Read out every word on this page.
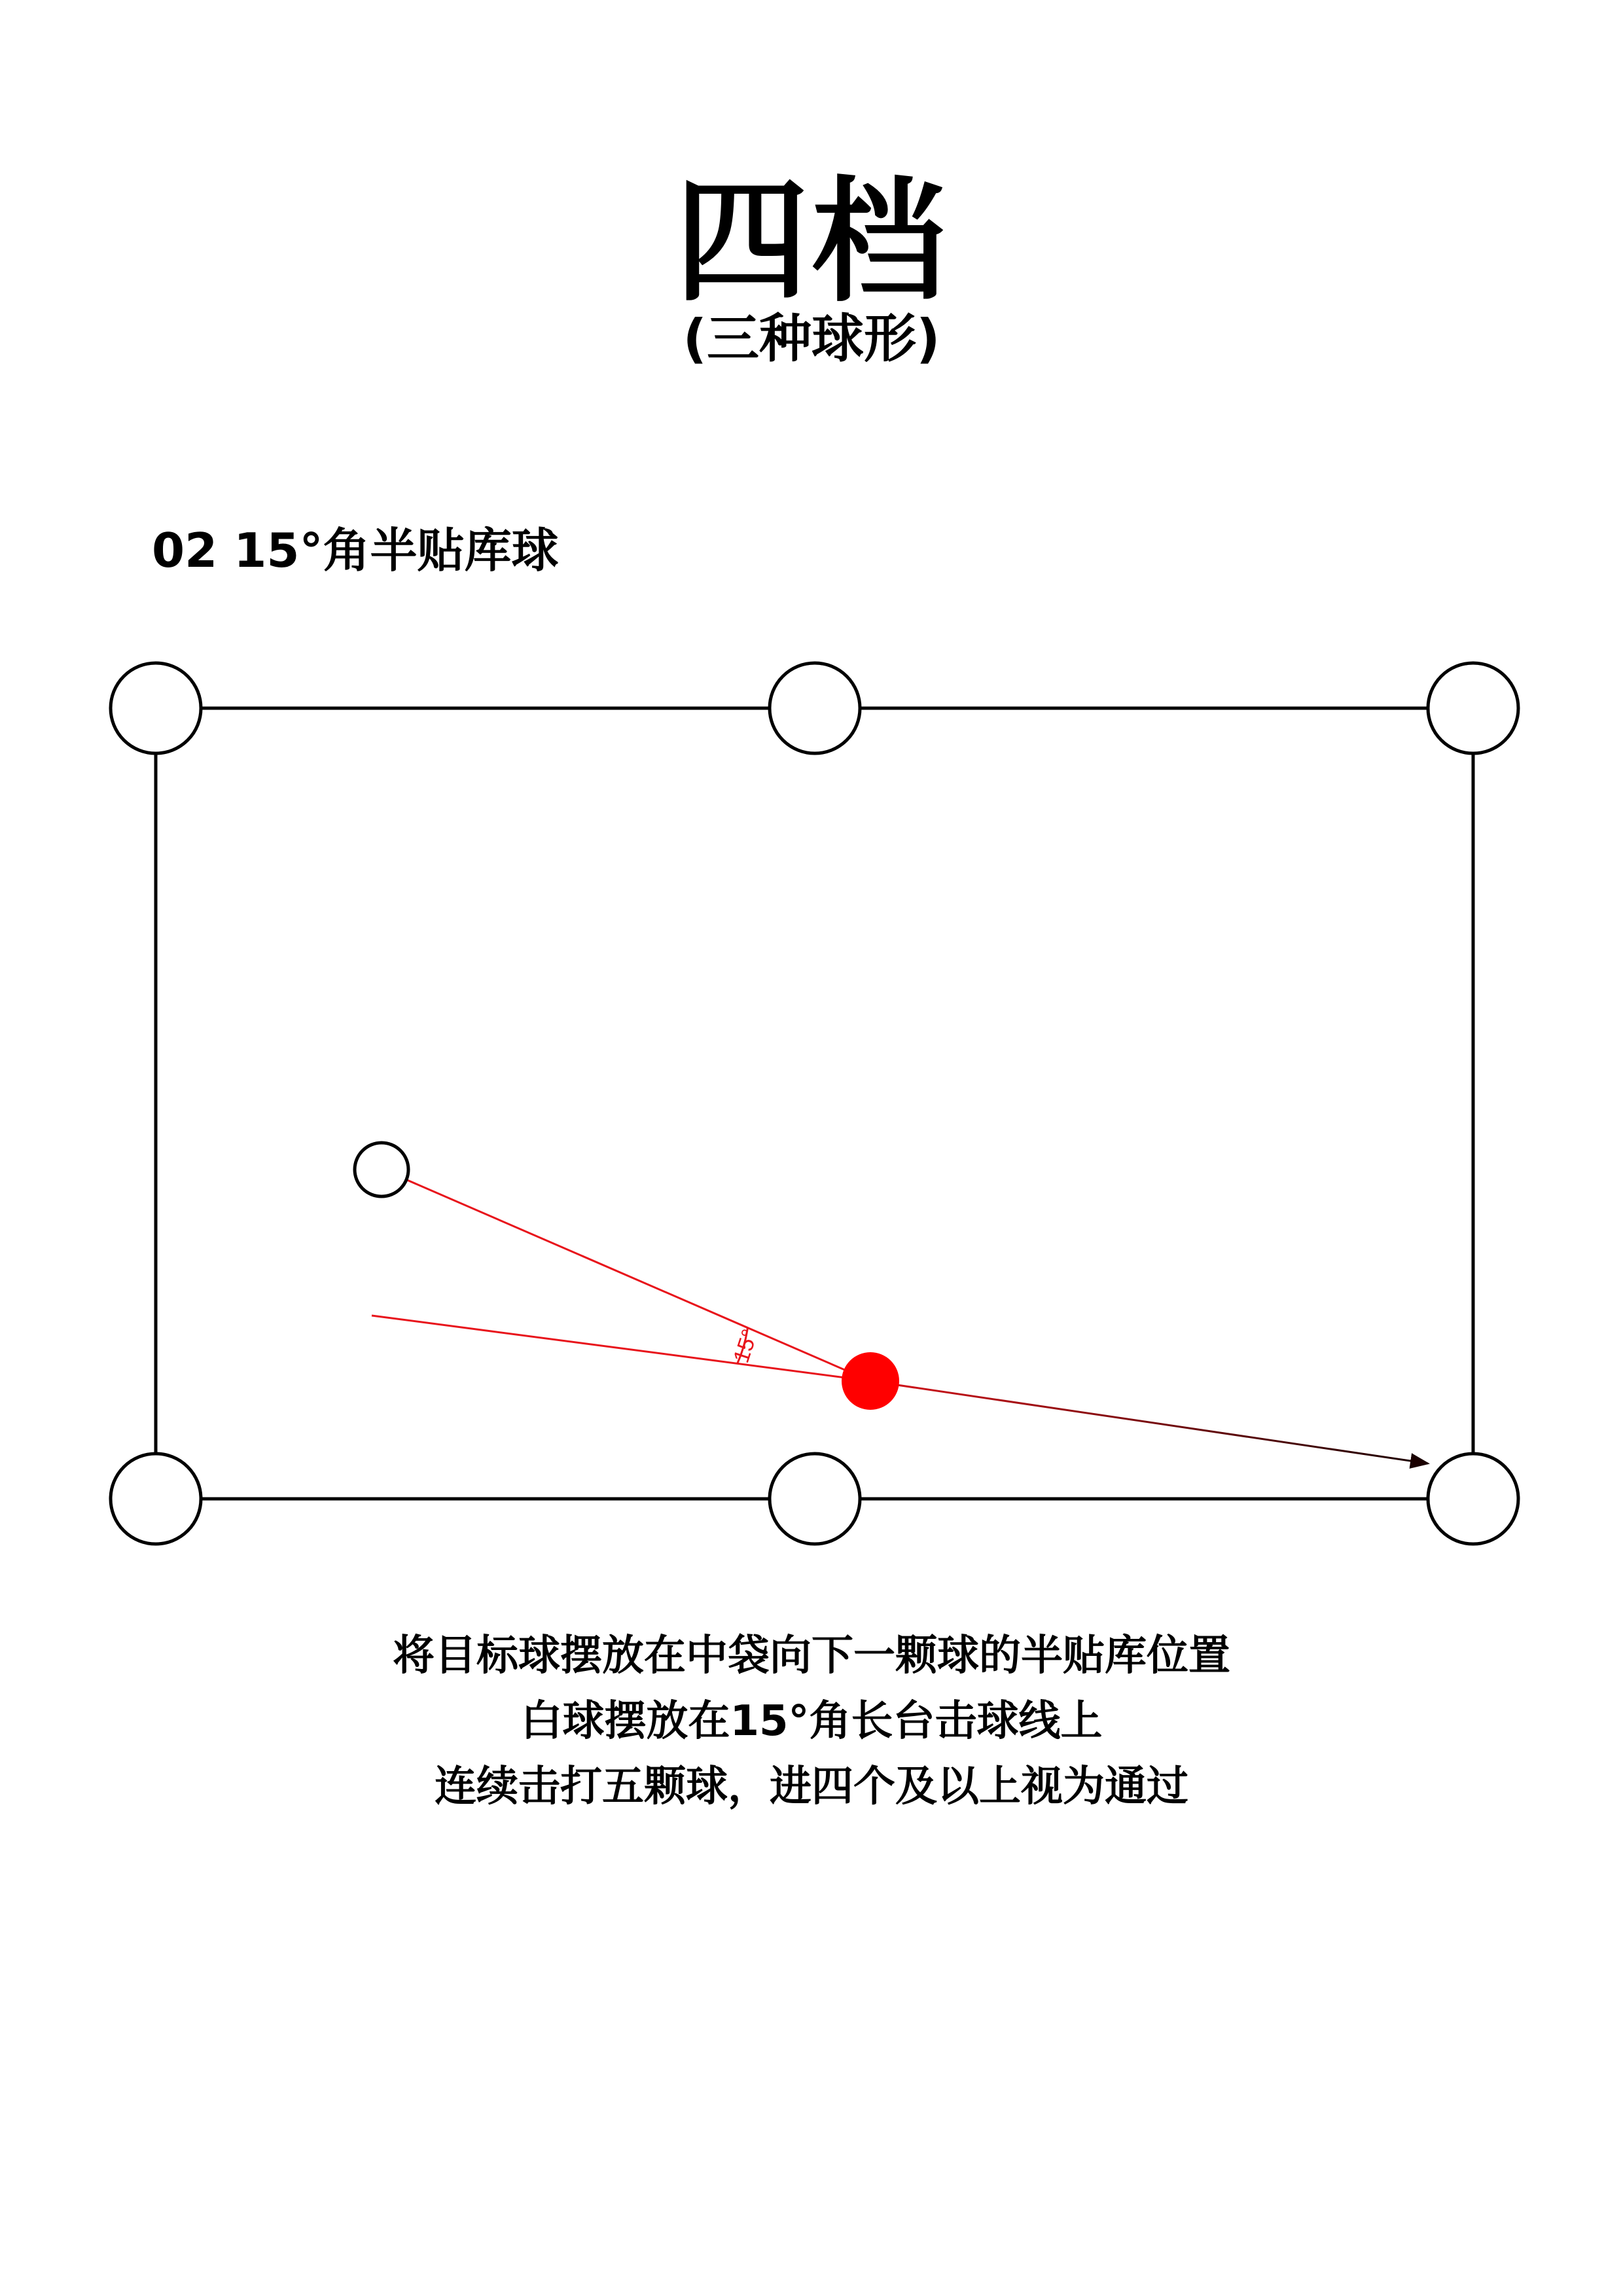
四档
(三种球形)
02 15°角半贴库球
15°
将目标球摆放在中袋向下一颗球的半贴库位置
白球摆放在15°角长台击球线上
连续击打五颗球，进四个及以上视为通过
